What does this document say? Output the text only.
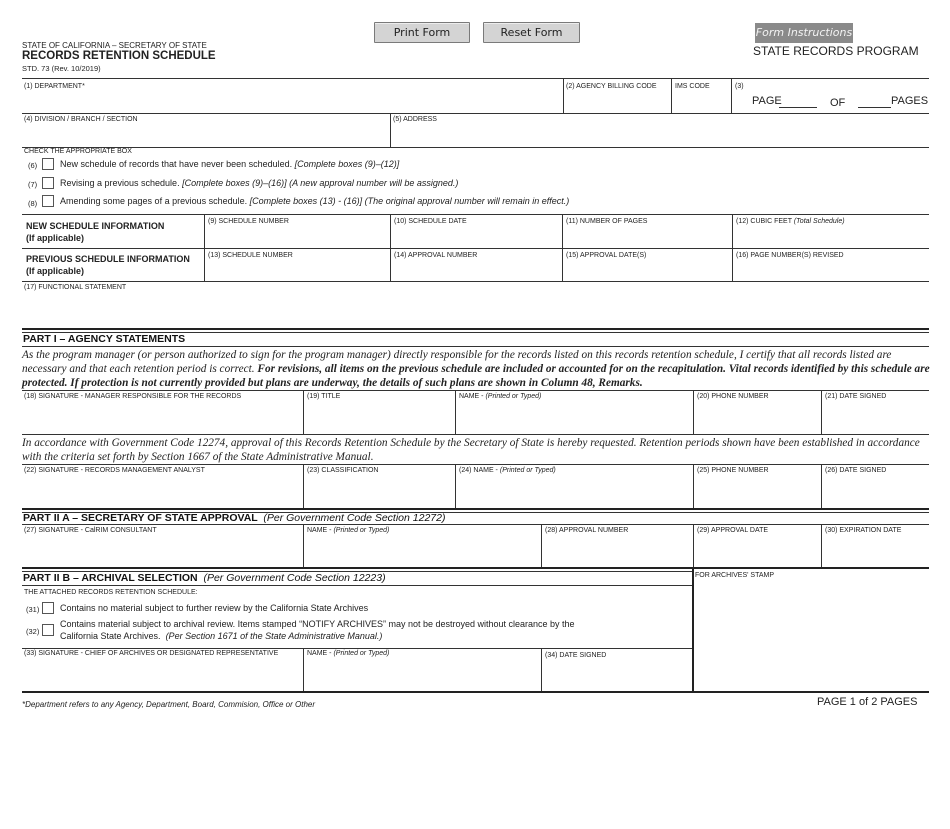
Print Form	Reset Form	Form Instructions
STATE OF CALIFORNIA – SECRETARY OF STATE
RECORDS RETENTION SCHEDULE
STD. 73 (Rev. 10/2019)
STATE RECORDS PROGRAM
(1) DEPARTMENT*	(2) AGENCY BILLING CODE	IMS CODE	(3)
PAGE	OF	PAGES
(4) DIVISION / BRANCH / SECTION	(5) ADDRESS
CHECK THE APPROPRIATE BOX
(6)	New schedule of records that have never been scheduled. [Complete boxes (9)–(12)]
(7)	Revising a previous schedule. [Complete boxes (9)–(16)] (A new approval number will be assigned.)
(8)	Amending some pages of a previous schedule. [Complete boxes (13) - (16)] (The original approval number will remain in effect.)
NEW SCHEDULE INFORMATION
(If applicable)
(9) SCHEDULE NUMBER	(10) SCHEDULE DATE	(11) NUMBER OF PAGES	(12) CUBIC FEET (Total Schedule)
PREVIOUS SCHEDULE INFORMATION
(If applicable)
(13) SCHEDULE NUMBER	(14) APPROVAL NUMBER	(15) APPROVAL DATE(S)	(16) PAGE NUMBER(S) REVISED
(17) FUNCTIONAL STATEMENT
PART I – AGENCY STATEMENTS
As the program manager (or person authorized to sign for the program manager) directly responsible for the records listed on this records retention schedule, I certify that all records listed are necessary and that each retention period is correct. For revisions, all items on the previous schedule are included or accounted for on the recapitulation. Vital records identified by this schedule are protected. If protection is not currently provided but plans are underway, the details of such plans are shown in Column 48, Remarks.
(18) SIGNATURE - MANAGER RESPONSIBLE FOR THE RECORDS	(19) TITLE	NAME - (Printed or Typed)	(20) PHONE NUMBER	(21) DATE SIGNED
In accordance with Government Code 12274, approval of this Records Retention Schedule by the Secretary of State is hereby requested. Retention periods shown have been established in accordance with the criteria set forth by Section 1667 of the State Administrative Manual.
(22) SIGNATURE - RECORDS MANAGEMENT ANALYST	(23) CLASSIFICATION	(24) NAME - (Printed or Typed)	(25) PHONE NUMBER	(26) DATE SIGNED
PART II A – SECRETARY OF STATE APPROVAL (Per Government Code Section 12272)
(27) SIGNATURE - CalRIM CONSULTANT	NAME - (Printed or Typed)	(28) APPROVAL NUMBER	(29) APPROVAL DATE	(30) EXPIRATION DATE
PART II B – ARCHIVAL SELECTION (Per Government Code Section 12223)	FOR ARCHIVES' STAMP
THE ATTACHED RECORDS RETENTION SCHEDULE:
(31) Contains no material subject to further review by the California State Archives
(32)
Contains material subject to archival review. Items stamped “NOTIFY ARCHIVES” may not be destroyed without clearance by the
California State Archives. (Per Section 1671 of the State Administrative Manual.)
(33) SIGNATURE - CHIEF OF ARCHIVES OR DESIGNATED REPRESENTATIVE	NAME - (Printed or Typed)	(34) DATE SIGNED
*Department refers to any Agency, Department, Board, Commision, Office or Other	PAGE 1 of 2 PAGES
